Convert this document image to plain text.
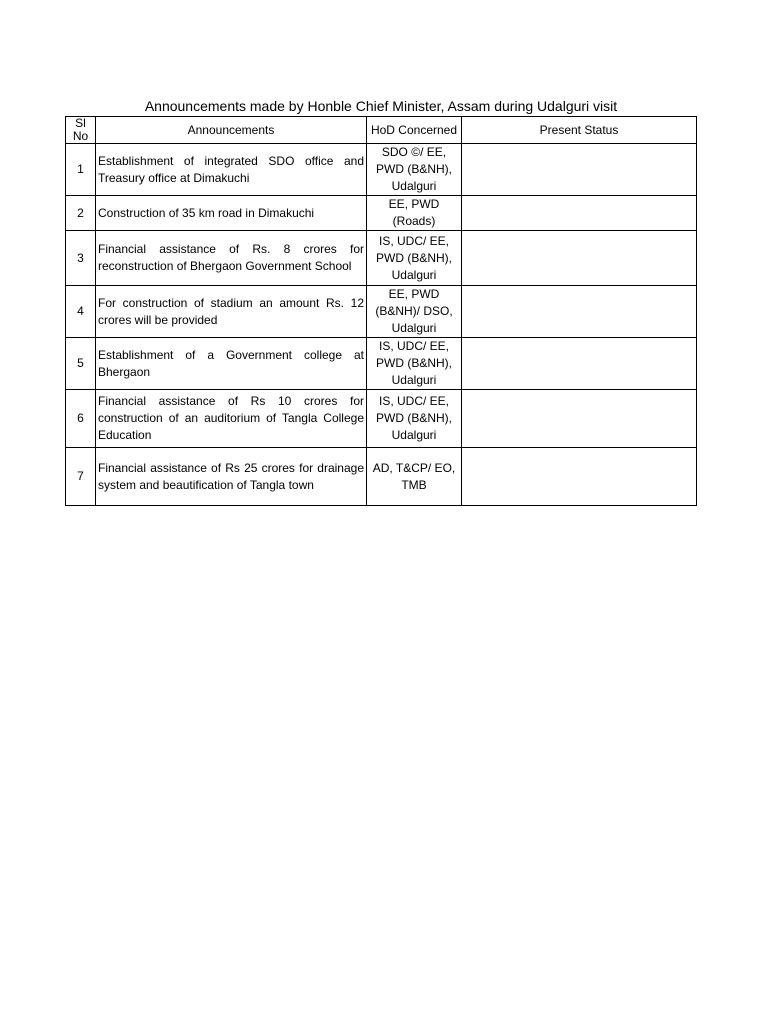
Announcements made by Honble Chief Minister, Assam during Udalguri visit
Sl No	Announcements	HoD Concerned	Present Status
1	Establishment of integrated SDO office and Treasury office at Dimakuchi	SDO ©/ EE, PWD (B&NH), Udalguri	
2	Construction of 35 km road in Dimakuchi	EE, PWD (Roads)	
3	Financial assistance of Rs. 8 crores for reconstruction of Bhergaon Government School	IS, UDC/ EE, PWD (B&NH), Udalguri	
4	For construction of stadium an amount Rs. 12 crores will be provided	EE, PWD (B&NH)/ DSO, Udalguri	
5	Establishment of a Government college at Bhergaon	IS, UDC/ EE, PWD (B&NH), Udalguri	
6	Financial assistance of Rs 10 crores for construction of an auditorium of Tangla College Education	IS, UDC/ EE, PWD (B&NH), Udalguri	
7	Financial assistance of Rs 25 crores for drainage system and beautification of Tangla town	AD, T&CP/ EO, TMB	
